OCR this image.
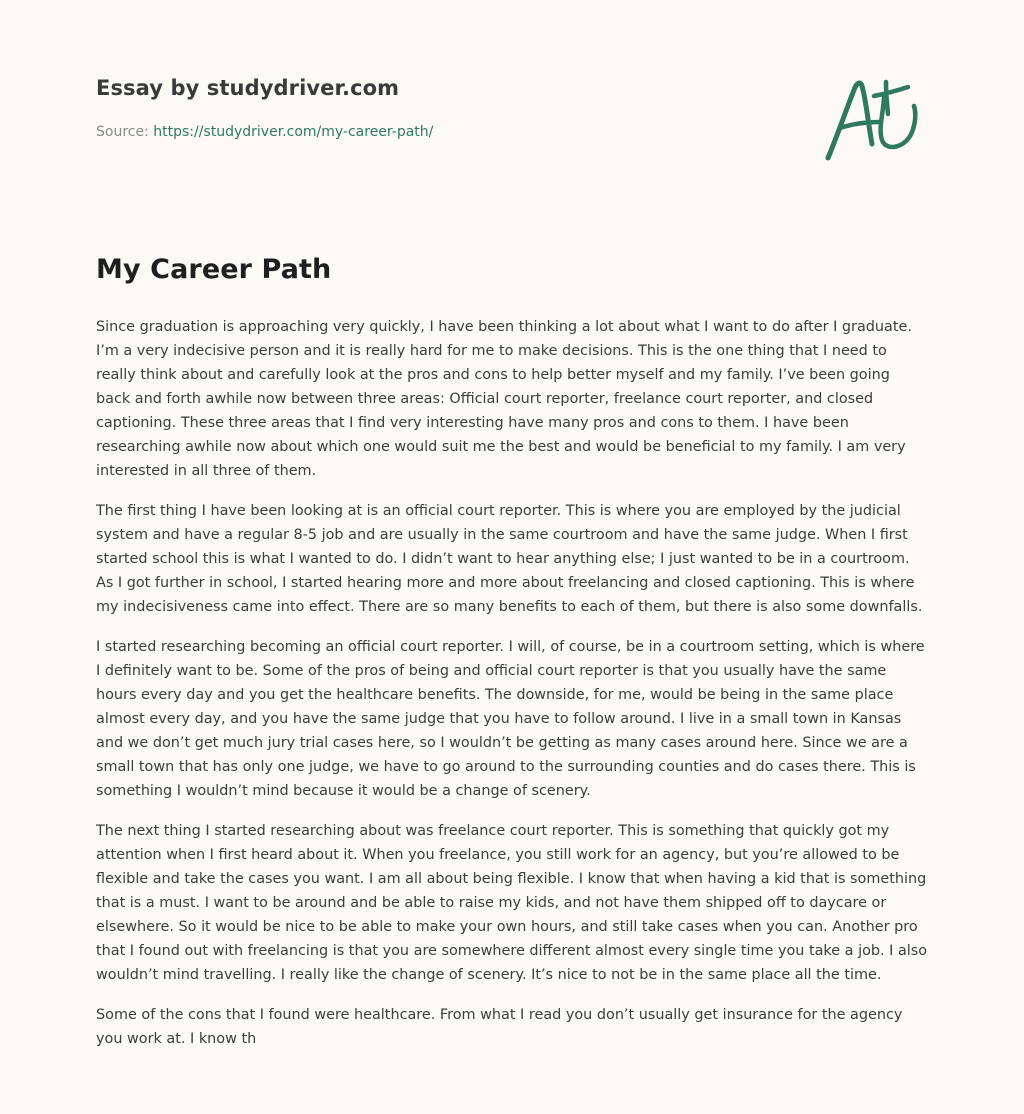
Essay by studydriver.com
Source: https://studydriver.com/my-career-path/
My Career Path

Since graduation is approaching very quickly, I have been thinking a lot about what I want to do after I graduate. I’m a very indecisive person and it is really hard for me to make decisions. This is the one thing that I need to really think about and carefully look at the pros and cons to help better myself and my family. I’ve been going back and forth awhile now between three areas: Official court reporter, freelance court reporter, and closed captioning. These three areas that I find very interesting have many pros and cons to them. I have been researching awhile now about which one would suit me the best and would be beneficial to my family. I am very interested in all three of them.

The first thing I have been looking at is an official court reporter. This is where you are employed by the judicial system and have a regular 8-5 job and are usually in the same courtroom and have the same judge. When I first started school this is what I wanted to do. I didn’t want to hear anything else; I just wanted to be in a courtroom. As I got further in school, I started hearing more and more about freelancing and closed captioning. This is where my indecisiveness came into effect. There are so many benefits to each of them, but there is also some downfalls.

I started researching becoming an official court reporter. I will, of course, be in a courtroom setting, which is where I definitely want to be. Some of the pros of being and official court reporter is that you usually have the same hours every day and you get the healthcare benefits. The downside, for me, would be being in the same place almost every day, and you have the same judge that you have to follow around. I live in a small town in Kansas and we don’t get much jury trial cases here, so I wouldn’t be getting as many cases around here. Since we are a small town that has only one judge, we have to go around to the surrounding counties and do cases there. This is something I wouldn’t mind because it would be a change of scenery.

The next thing I started researching about was freelance court reporter. This is something that quickly got my attention when I first heard about it. When you freelance, you still work for an agency, but you’re allowed to be flexible and take the cases you want. I am all about being flexible. I know that when having a kid that is something that is a must. I want to be around and be able to raise my kids, and not have them shipped off to daycare or elsewhere. So it would be nice to be able to make your own hours, and still take cases when you can. Another pro that I found out with freelancing is that you are somewhere different almost every single time you take a job. I also wouldn’t mind travelling. I really like the change of scenery. It’s nice to not be in the same place all the time.

Some of the cons that I found were healthcare. From what I read you don’t usually get insurance for the agency you work at. I know th
